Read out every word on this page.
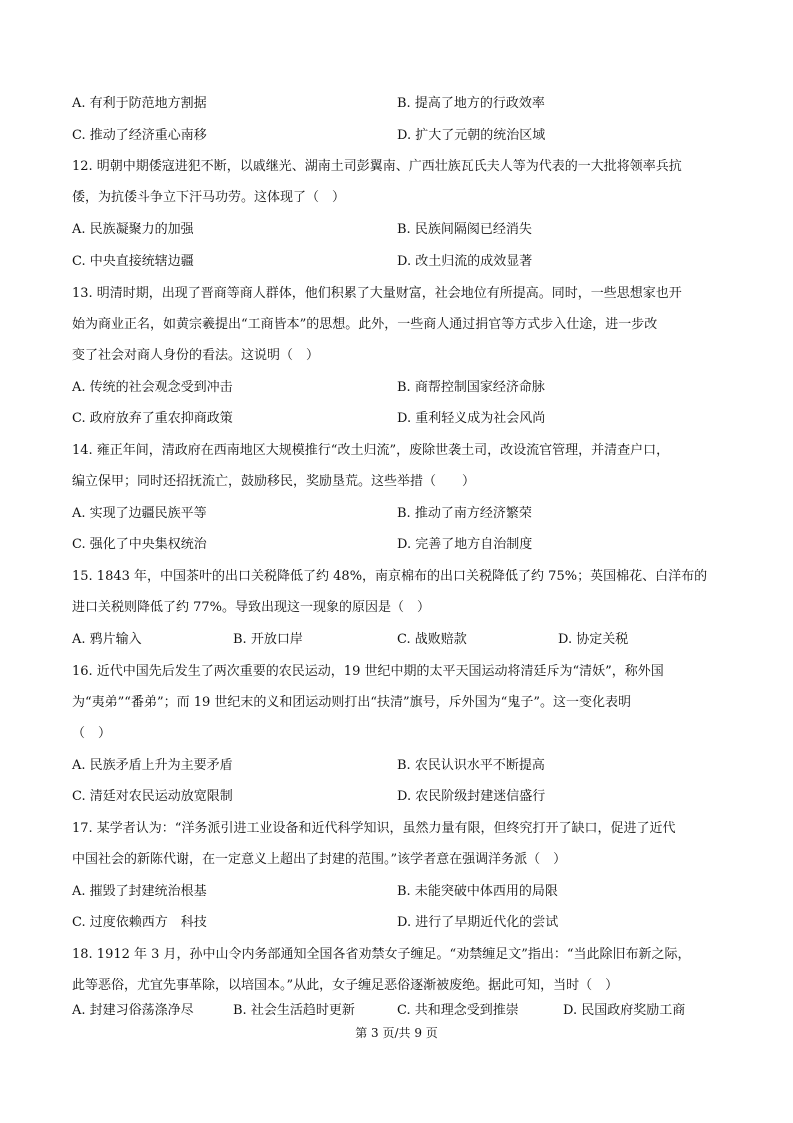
A. 有利于防范地方割据	B. 提高了地方的行政效率
C. 推动了经济重心南移	D. 扩大了元朝的统治区域
12. 明朝中期倭寇进犯不断，以戚继光、湖南土司彭翼南、广西壮族瓦氏夫人等为代表的一大批将领率兵抗
倭，为抗倭斗争立下汗马功劳。这体现了（　）
A. 民族凝聚力的加强	B. 民族间隔阂已经消失
C. 中央直接统辖边疆	D. 改土归流的成效显著
13. 明清时期，出现了晋商等商人群体，他们积累了大量财富，社会地位有所提高。同时，一些思想家也开
始为商业正名，如黄宗羲提出“工商皆本”的思想。此外，一些商人通过捐官等方式步入仕途，进一步改
变了社会对商人身份的看法。这说明（　）
A. 传统的社会观念受到冲击	B. 商帮控制国家经济命脉
C. 政府放弃了重农抑商政策	D. 重利轻义成为社会风尚
14. 雍正年间，清政府在西南地区大规模推行“改土归流”，废除世袭土司，改设流官管理，并清查户口，
编立保甲；同时还招抚流亡，鼓励移民，奖励垦荒。这些举措（　　）
A. 实现了边疆民族平等	B. 推动了南方经济繁荣
C. 强化了中央集权统治	D. 完善了地方自治制度
15. 1843 年，中国茶叶的出口关税降低了约 48%，南京棉布的出口关税降低了约 75%；英国棉花、白洋布的
进口关税则降低了约 77%。导致出现这一现象的原因是（　）
A. 鸦片输入	B. 开放口岸	C. 战败赔款	D. 协定关税
16. 近代中国先后发生了两次重要的农民运动，19 世纪中期的太平天国运动将清廷斥为“清妖”，称外国
为“夷弟”“番弟”；而 19 世纪末的义和团运动则打出“扶清”旗号，斥外国为“鬼子”。这一变化表明
（　）
A. 民族矛盾上升为主要矛盾	B. 农民认识水平不断提高
C. 清廷对农民运动放宽限制	D. 农民阶级封建迷信盛行
17. 某学者认为：“洋务派引进工业设备和近代科学知识，虽然力量有限，但终究打开了缺口，促进了近代
中国社会的新陈代谢，在一定意义上超出了封建的范围。”该学者意在强调洋务派（　）
A. 摧毁了封建统治根基	B. 未能突破中体西用的局限
C. 过度依赖西方　科技	D. 进行了早期近代化的尝试
18. 1912 年 3 月，孙中山令内务部通知全国各省劝禁女子缠足。“劝禁缠足文”指出：“当此除旧布新之际，
此等恶俗，尤宜先事革除，以培国本。”从此，女子缠足恶俗逐渐被废绝。据此可知，当时（　）
A. 封建习俗荡涤净尽	B. 社会生活趋时更新	C. 共和理念受到推崇	D. 民国政府奖励工商
第 3 页/共 9 页
